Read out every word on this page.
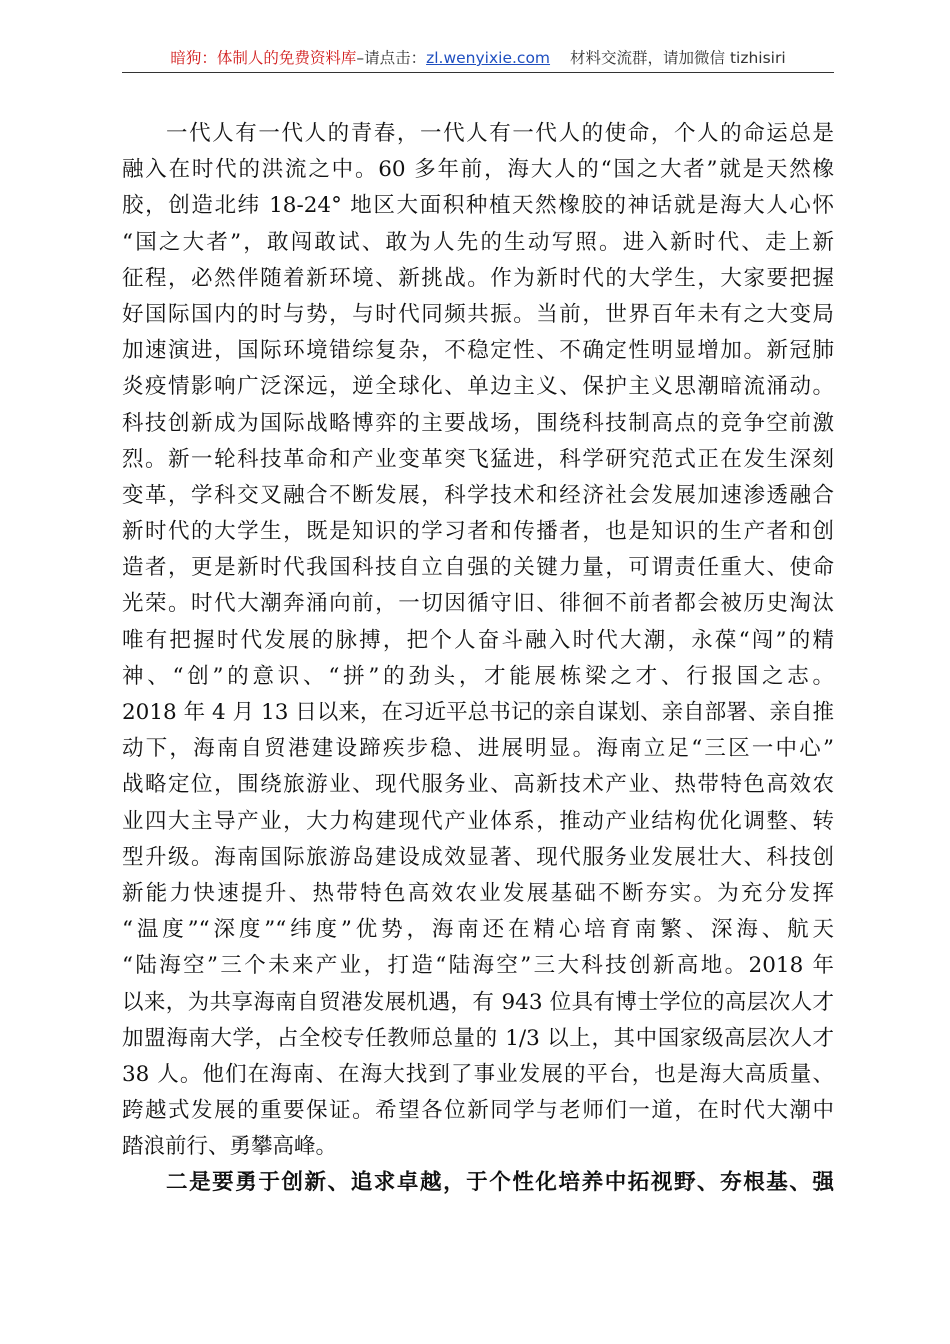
暗狗：体制人的免费资料库–请点击：zl.wenyixie.com 材料交流群，请加微信 tizhisiri
一代人有一代人的青春，一代人有一代人的使命，个人的命运总是
融入在时代的洪流之中。60 多年前，海大人的“国之大者”就是天然橡
胶，创造北纬 18-24° 地区大面积种植天然橡胶的神话就是海大人心怀
“国之大者”，敢闯敢试、敢为人先的生动写照。进入新时代、走上新
征程，必然伴随着新环境、新挑战。作为新时代的大学生，大家要把握
好国际国内的时与势，与时代同频共振。当前，世界百年未有之大变局
加速演进，国际环境错综复杂，不稳定性、不确定性明显增加。新冠肺
炎疫情影响广泛深远，逆全球化、单边主义、保护主义思潮暗流涌动。
科技创新成为国际战略博弈的主要战场，围绕科技制高点的竞争空前激
烈。新一轮科技革命和产业变革突飞猛进，科学研究范式正在发生深刻
变革，学科交叉融合不断发展，科学技术和经济社会发展加速渗透融合
新时代的大学生，既是知识的学习者和传播者，也是知识的生产者和创
造者，更是新时代我国科技自立自强的关键力量，可谓责任重大、使命
光荣。时代大潮奔涌向前，一切因循守旧、徘徊不前者都会被历史淘汰
唯有把握时代发展的脉搏，把个人奋斗融入时代大潮，永葆“闯”的精
神、“创”的意识、“拼”的劲头，才能展栋梁之才、行报国之志。
2018 年 4 月 13 日以来，在习近平总书记的亲自谋划、亲自部署、亲自推
动下，海南自贸港建设蹄疾步稳、进展明显。海南立足“三区一中心”
战略定位，围绕旅游业、现代服务业、高新技术产业、热带特色高效农
业四大主导产业，大力构建现代产业体系，推动产业结构优化调整、转
型升级。海南国际旅游岛建设成效显著、现代服务业发展壮大、科技创
新能力快速提升、热带特色高效农业发展基础不断夯实。为充分发挥
“温度”“深度”“纬度”优势，海南还在精心培育南繁、深海、航天
“陆海空”三个未来产业，打造“陆海空”三大科技创新高地。2018 年
以来，为共享海南自贸港发展机遇，有 943 位具有博士学位的高层次人才
加盟海南大学，占全校专任教师总量的 1/3 以上，其中国家级高层次人才
38 人。他们在海南、在海大找到了事业发展的平台，也是海大高质量、
跨越式发展的重要保证。希望各位新同学与老师们一道，在时代大潮中
踏浪前行、勇攀高峰。
二是要勇于创新、追求卓越，于个性化培养中拓视野、夯根基、强
